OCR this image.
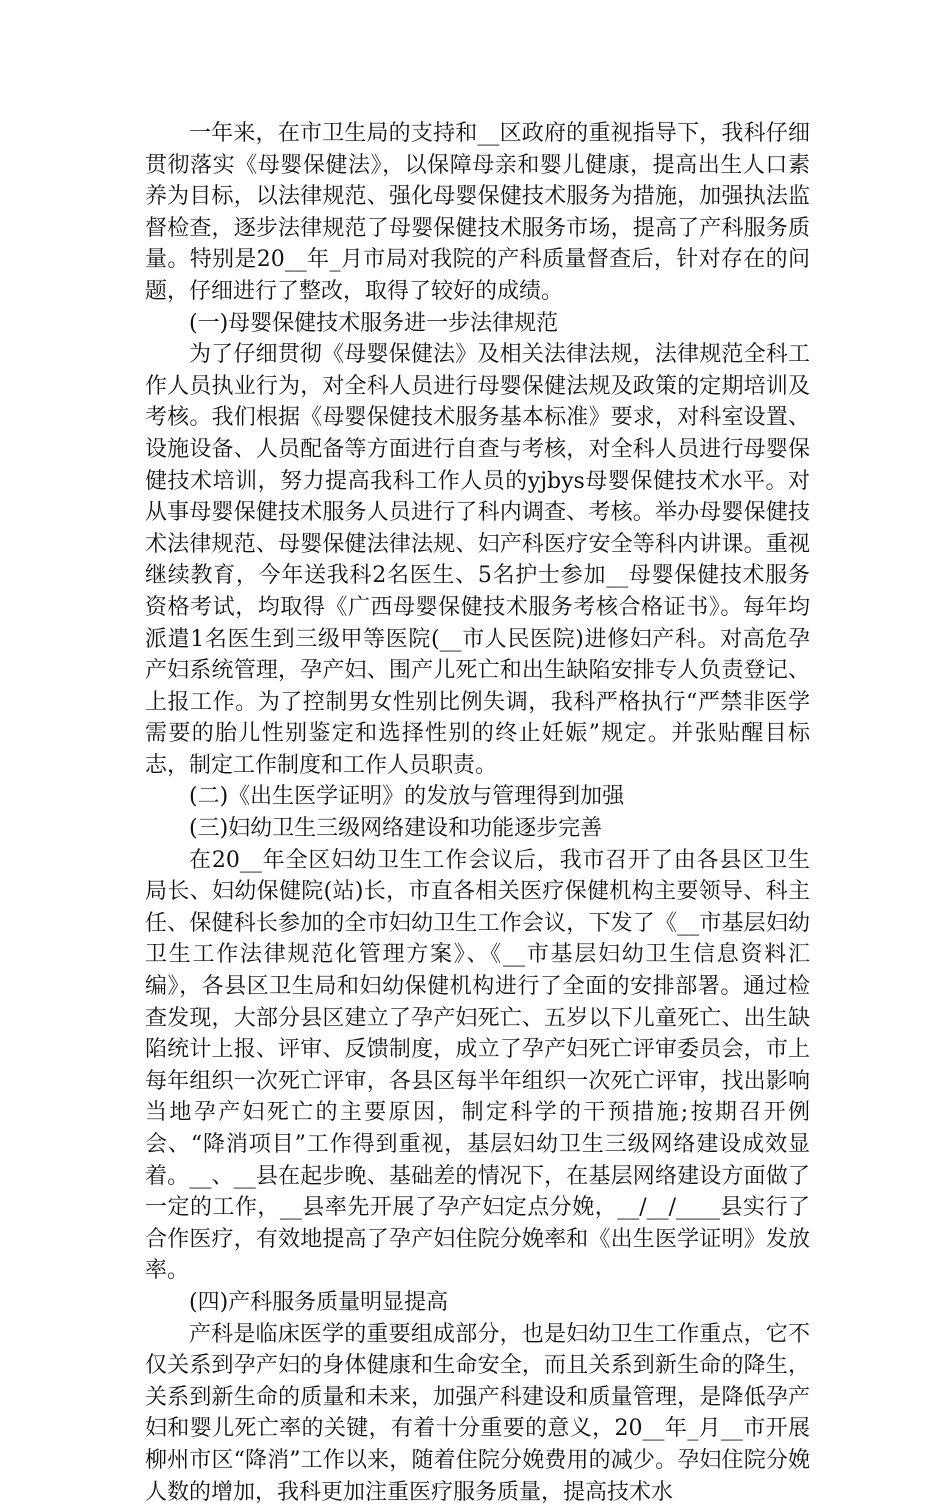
一年来，在市卫生局的支持和__区政府的重视指导下，我科仔细贯彻落实《母婴保健法》，以保障母亲和婴儿健康，提高出生人口素养为目标，以法律规范、强化母婴保健技术服务为措施，加强执法监督检查，逐步法律规范了母婴保健技术服务市场，提高了产科服务质量。特别是20__年_月市局对我院的产科质量督查后，针对存在的问题，仔细进行了整改，取得了较好的成绩。

(一)母婴保健技术服务进一步法律规范

为了仔细贯彻《母婴保健法》及相关法律法规，法律规范全科工作人员执业行为，对全科人员进行母婴保健法规及政策的定期培训及考核。我们根据《母婴保健技术服务基本标准》要求，对科室设置、设施设备、人员配备等方面进行自查与考核，对全科人员进行母婴保健技术培训，努力提高我科工作人员的yjbys母婴保健技术水平。对从事母婴保健技术服务人员进行了科内调查、考核。举办母婴保健技术法律规范、母婴保健法律法规、妇产科医疗安全等科内讲课。重视继续教育，今年送我科2名医生、5名护士参加__母婴保健技术服务资格考试，均取得《广西母婴保健技术服务考核合格证书》。每年均派遣1名医生到三级甲等医院(__市人民医院)进修妇产科。对高危孕产妇系统管理，孕产妇、围产儿死亡和出生缺陷安排专人负责登记、上报工作。为了控制男女性别比例失调，我科严格执行“严禁非医学需要的胎儿性别鉴定和选择性别的终止妊娠”规定。并张贴醒目标志，制定工作制度和工作人员职责。

(二)《出生医学证明》的发放与管理得到加强

(三)妇幼卫生三级网络建设和功能逐步完善

在20__年全区妇幼卫生工作会议后，我市召开了由各县区卫生局长、妇幼保健院(站)长，市直各相关医疗保健机构主要领导、科主任、保健科长参加的全市妇幼卫生工作会议，下发了《__市基层妇幼卫生工作法律规范化管理方案》、《__市基层妇幼卫生信息资料汇编》，各县区卫生局和妇幼保健机构进行了全面的安排部署。通过检查发现，大部分县区建立了孕产妇死亡、五岁以下儿童死亡、出生缺陷统计上报、评审、反馈制度，成立了孕产妇死亡评审委员会，市上每年组织一次死亡评审，各县区每半年组织一次死亡评审，找出影响当地孕产妇死亡的主要原因，制定科学的干预措施;按期召开例会、“降消项目”工作得到重视，基层妇幼卫生三级网络建设成效显着。__、__县在起步晚、基础差的情况下，在基层网络建设方面做了一定的工作，__县率先开展了孕产妇定点分娩，__/__/____县实行了合作医疗，有效地提高了孕产妇住院分娩率和《出生医学证明》发放率。

(四)产科服务质量明显提高

产科是临床医学的重要组成部分，也是妇幼卫生工作重点，它不仅关系到孕产妇的身体健康和生命安全，而且关系到新生命的降生，关系到新生命的质量和未来，加强产科建设和质量管理，是降低孕产妇和婴儿死亡率的关键，有着十分重要的意义，20__年_月__市开展柳州市区“降消”工作以来，随着住院分娩费用的减少。孕妇住院分娩人数的增加，我科更加注重医疗服务质量，提高技术水
